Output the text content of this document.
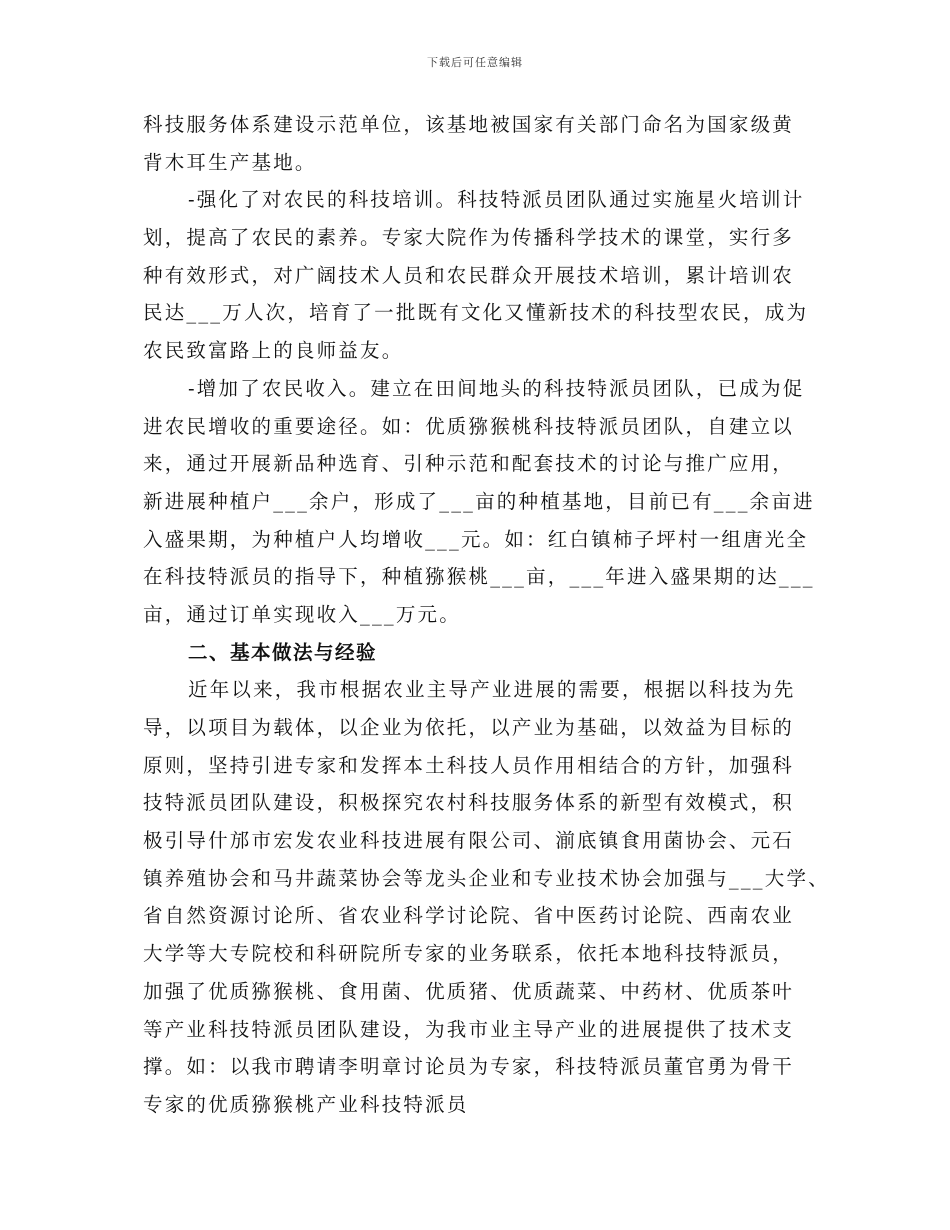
下载后可任意编辑
科技服务体系建设示范单位，该基地被国家有关部门命名为国家级黄
背木耳生产基地。
-强化了对农民的科技培训。科技特派员团队通过实施星火培训计
划，提高了农民的素养。专家大院作为传播科学技术的课堂，实行多
种有效形式，对广阔技术人员和农民群众开展技术培训，累计培训农
民达___万人次，培育了一批既有文化又懂新技术的科技型农民，成为
农民致富路上的良师益友。
-增加了农民收入。建立在田间地头的科技特派员团队，已成为促
进农民增收的重要途径。如：优质猕猴桃科技特派员团队，自建立以
来，通过开展新品种选育、引种示范和配套技术的讨论与推广应用，
新进展种植户___余户，形成了___亩的种植基地，目前已有___余亩进
入盛果期，为种植户人均增收___元。如：红白镇柿子坪村一组唐光全
在科技特派员的指导下，种植猕猴桃___亩，___年进入盛果期的达___
亩，通过订单实现收入___万元。
二、基本做法与经验
近年以来，我市根据农业主导产业进展的需要，根据以科技为先
导，以项目为载体，以企业为依托，以产业为基础，以效益为目标的
原则，坚持引进专家和发挥本土科技人员作用相结合的方针，加强科
技特派员团队建设，积极探究农村科技服务体系的新型有效模式，积
极引导什邡市宏发农业科技进展有限公司、湔底镇食用菌协会、元石
镇养殖协会和马井蔬菜协会等龙头企业和专业技术协会加强与___大学、
省自然资源讨论所、省农业科学讨论院、省中医药讨论院、西南农业
大学等大专院校和科研院所专家的业务联系，依托本地科技特派员，
加强了优质猕猴桃、食用菌、优质猪、优质蔬菜、中药材、优质茶叶
等产业科技特派员团队建设，为我市业主导产业的进展提供了技术支
撑。如：以我市聘请李明章讨论员为专家，科技特派员董官勇为骨干
专家的优质猕猴桃产业科技特派员
